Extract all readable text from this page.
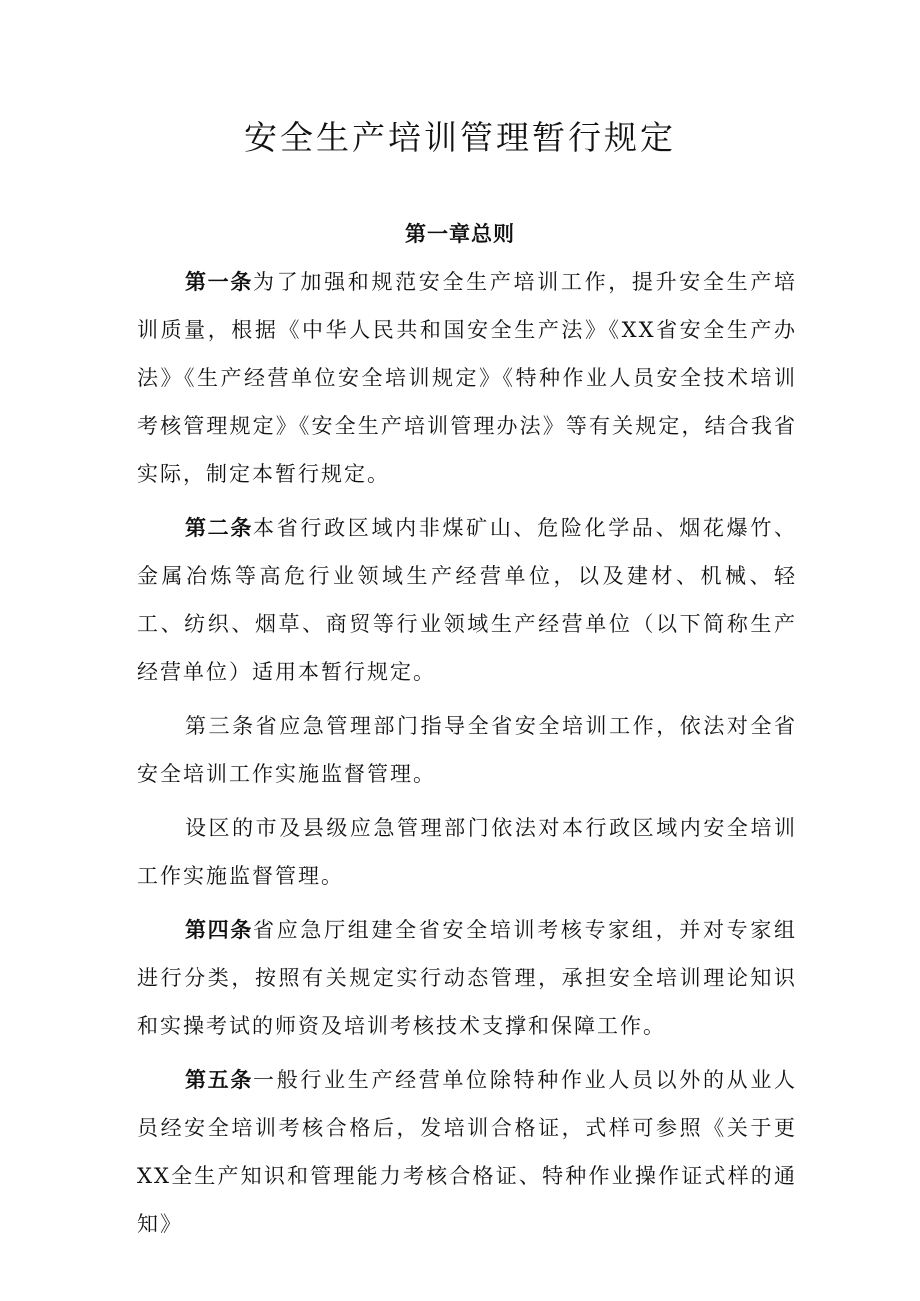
安全生产培训管理暂行规定
第一章总则

第一条为了加强和规范安全生产培训工作，提升安全生产培训质量，根据《中华人民共和国安全生产法》《XX省安全生产办法》《生产经营单位安全培训规定》《特种作业人员安全技术培训考核管理规定》《安全生产培训管理办法》等有关规定，结合我省实际，制定本暂行规定。

第二条本省行政区域内非煤矿山、危险化学品、烟花爆竹、金属冶炼等高危行业领域生产经营单位，以及建材、机械、轻工、纺织、烟草、商贸等行业领域生产经营单位（以下简称生产经营单位）适用本暂行规定。

第三条省应急管理部门指导全省安全培训工作，依法对全省安全培训工作实施监督管理。

设区的市及县级应急管理部门依法对本行政区域内安全培训工作实施监督管理。

第四条省应急厅组建全省安全培训考核专家组，并对专家组进行分类，按照有关规定实行动态管理，承担安全培训理论知识和实操考试的师资及培训考核技术支撑和保障工作。

第五条一般行业生产经营单位除特种作业人员以外的从业人员经安全培训考核合格后，发培训合格证，式样可参照《关于更XX全生产知识和管理能力考核合格证、特种作业操作证式样的通知》
